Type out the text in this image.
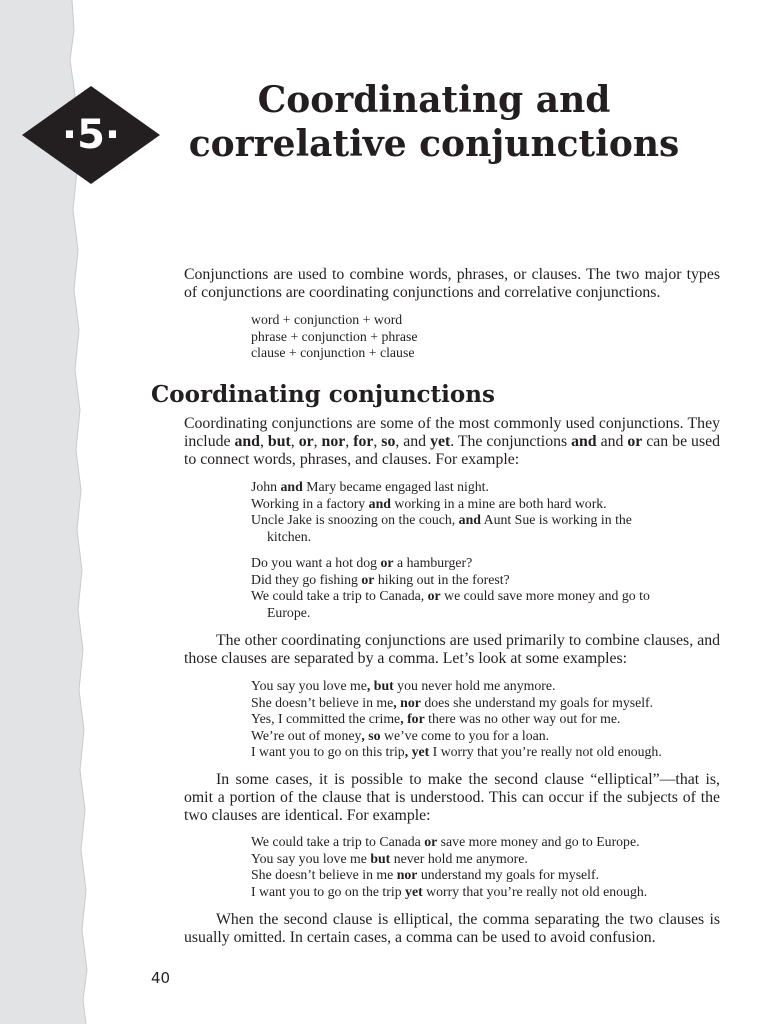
·5·
Coordinating and
correlative conjunctions

Conjunctions are used to combine words, phrases, or clauses. The two major types of conjunctions are coordinating conjunctions and correlative conjunctions.

word + conjunction + word
phrase + conjunction + phrase
clause + conjunction + clause
Coordinating conjunctions

Coordinating conjunctions are some of the most commonly used conjunctions. They include and, but, or, nor, for, so, and yet. The conjunctions and and or can be used to connect words, phrases, and clauses. For example:

John and Mary became engaged last night.
Working in a factory and working in a mine are both hard work.
Uncle Jake is snoozing on the couch, and Aunt Sue is working in the
kitchen.
Do you want a hot dog or a hamburger?
Did they go fishing or hiking out in the forest?
We could take a trip to Canada, or we could save more money and go to
Europe.

The other coordinating conjunctions are used primarily to combine clauses, and those clauses are separated by a comma. Let’s look at some examples:

You say you love me, but you never hold me anymore.
She doesn’t believe in me, nor does she understand my goals for myself.
Yes, I committed the crime, for there was no other way out for me.
We’re out of money, so we’ve come to you for a loan.
I want you to go on this trip, yet I worry that you’re really not old enough.

In some cases, it is possible to make the second clause “elliptical”—that is, omit a portion of the clause that is understood. This can occur if the subjects of the two clauses are identical. For example:

We could take a trip to Canada or save more money and go to Europe.
You say you love me but never hold me anymore.
She doesn’t believe in me nor understand my goals for myself.
I want you to go on the trip yet worry that you’re really not old enough.

When the second clause is elliptical, the comma separating the two clauses is usually omitted. In certain cases, a comma can be used to avoid confusion.

40
